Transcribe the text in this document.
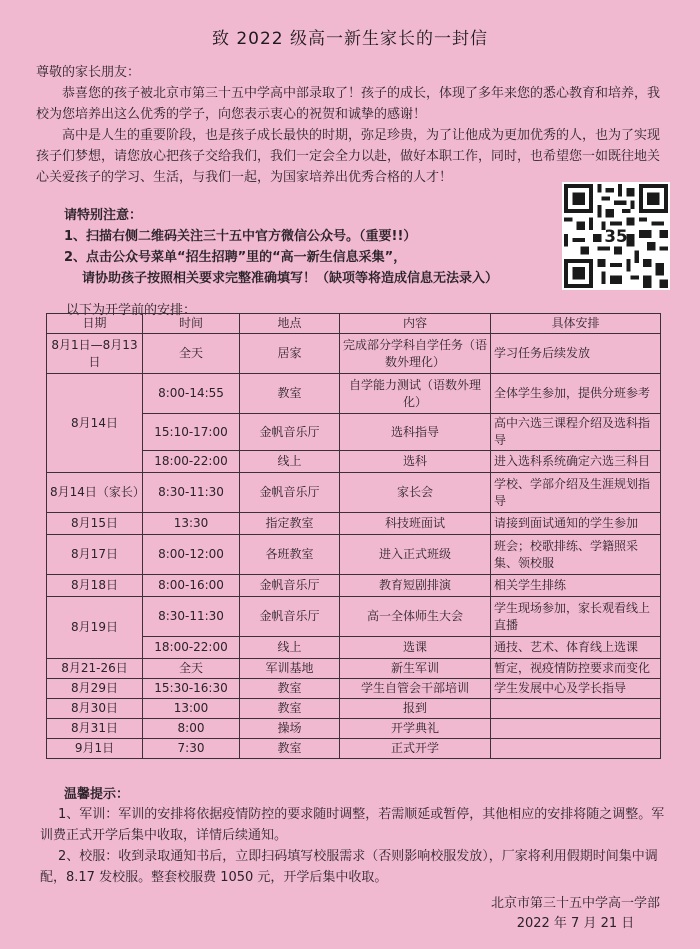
致 2022 级高一新生家长的一封信
尊敬的家长朋友：
恭喜您的孩子被北京市第三十五中学高中部录取了！孩子的成长，体现了多年来您的悉心教育和培养，我校为您培养出这么优秀的学子，向您表示衷心的祝贺和诚挚的感谢！
高中是人生的重要阶段，也是孩子成长最快的时期，弥足珍贵，为了让他成为更加优秀的人，也为了实现孩子们梦想，请您放心把孩子交给我们，我们一定会全力以赴，做好本职工作，同时，也希望您一如既往地关心关爱孩子的学习、生活，与我们一起，为国家培养出优秀合格的人才！
请特别注意：
1、扫描右侧二维码关注三十五中官方微信公众号。（重要!!）
2、点击公众号菜单“招生招聘”里的“高一新生信息采集”，
请协助孩子按照相关要求完整准确填写！（缺项等将造成信息无法录入）
35
以下为开学前的安排：
日期	时间	地点	内容	具体安排
8月1日—8月13日	全天	居家	完成部分学科自学任务（语数外理化）	学习任务后续发放
8月14日	8:00-14:55	教室	自学能力测试（语数外理化）	全体学生参加，提供分班参考
	15:10-17:00	金帆音乐厅	选科指导	高中六选三课程介绍及选科指导
	18:00-22:00	线上	选科	进入选科系统确定六选三科目
8月14日（家长）	8:30-11:30	金帆音乐厅	家长会	学校、学部介绍及生涯规划指导
8月15日	13:30	指定教室	科技班面试	请接到面试通知的学生参加
8月17日	8:00-12:00	各班教室	进入正式班级	班会；校歌排练、学籍照采集、领校服
8月18日	8:00-16:00	金帆音乐厅	教育短剧排演	相关学生排练
8月19日	8:30-11:30	金帆音乐厅	高一全体师生大会	学生现场参加，家长观看线上直播
	18:00-22:00	线上	选课	通技、艺术、体育线上选课
8月21-26日	全天	军训基地	新生军训	暂定，视疫情防控要求而变化
8月29日	15:30-16:30	教室	学生自管会干部培训	学生发展中心及学长指导
8月30日	13:00	教室	报到	
8月31日	8:00	操场	开学典礼	
9月1日	7:30	教室	正式开学	
温馨提示：

1、军训：军训的安排将依据疫情防控的要求随时调整，若需顺延或暂停，其他相应的安排将随之调整。军训费正式开学后集中收取，详情后续通知。

2、校服：收到录取通知书后，立即扫码填写校服需求（否则影响校服发放），厂家将利用假期时间集中调配，8.17 发校服。整套校服费 1050 元，开学后集中收取。

北京市第三十五中学高一学部
2022 年 7 月 21 日
